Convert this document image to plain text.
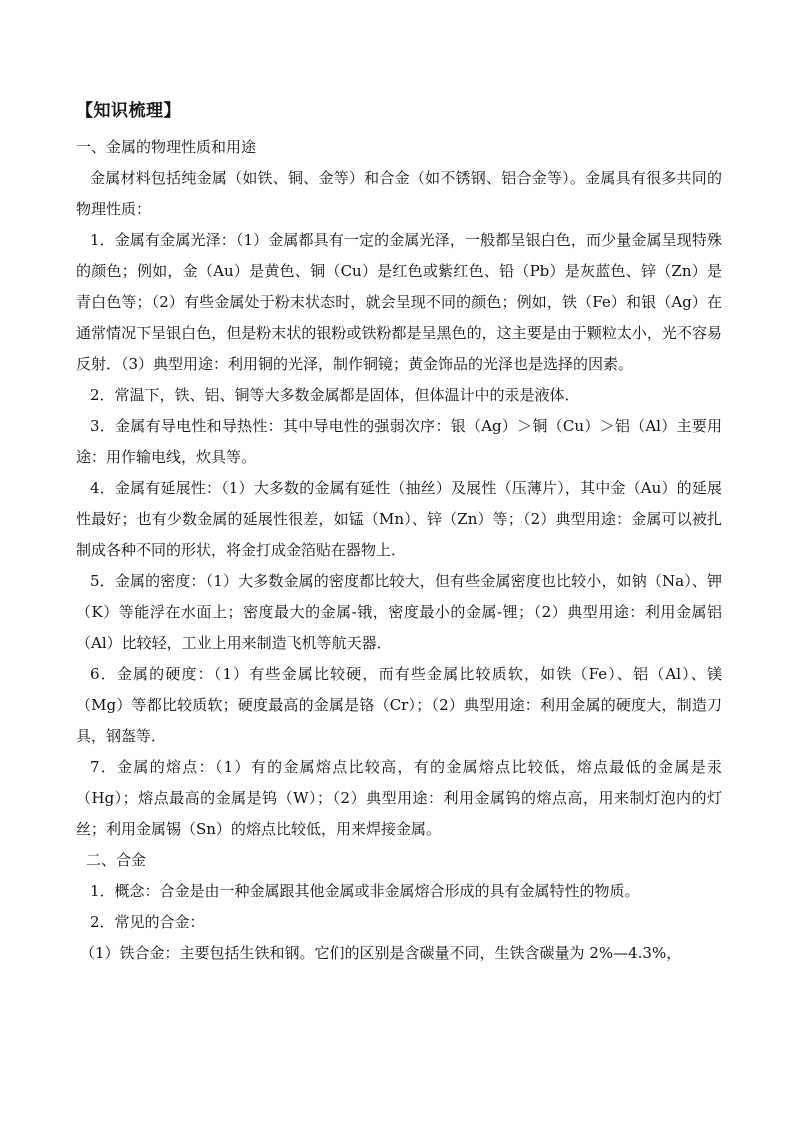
【知识梳理】
一、金属的物理性质和用途

金属材料包括纯金属（如铁、铜、金等）和合金（如不锈钢、铝合金等）。金属具有很多共同的物理性质：

1．金属有金属光泽：（1）金属都具有一定的金属光泽，一般都呈银白色，而少量金属呈现特殊的颜色；例如，金（Au）是黄色、铜（Cu）是红色或紫红色、铅（Pb）是灰蓝色、锌（Zn）是青白色等；（2）有些金属处于粉末状态时，就会呈现不同的颜色；例如，铁（Fe）和银（Ag）在通常情况下呈银白色，但是粉末状的银粉或铁粉都是呈黑色的，这主要是由于颗粒太小，光不容易反射．（3）典型用途：利用铜的光泽，制作铜镜；黄金饰品的光泽也是选择的因素。

2．常温下，铁、铝、铜等大多数金属都是固体，但体温计中的汞是液体．

3．金属有导电性和导热性：其中导电性的强弱次序：银（Ag）＞铜（Cu）＞铝（Al）主要用途：用作输电线，炊具等。

4．金属有延展性：（1）大多数的金属有延性（抽丝）及展性（压薄片），其中金（Au）的延展性最好；也有少数金属的延展性很差，如锰（Mn）、锌（Zn）等；（2）典型用途：金属可以被扎制成各种不同的形状，将金打成金箔贴在器物上．

5．金属的密度：（1）大多数金属的密度都比较大，但有些金属密度也比较小，如钠（Na）、钾（K）等能浮在水面上；密度最大的金属-锇，密度最小的金属-锂；（2）典型用途：利用金属铝（Al）比较轻，工业上用来制造飞机等航天器．

6．金属的硬度：（1）有些金属比较硬，而有些金属比较质软，如铁（Fe）、铝（Al）、镁（Mg）等都比较质软；硬度最高的金属是铬（Cr）；（2）典型用途：利用金属的硬度大，制造刀具，钢盔等．

7．金属的熔点：（1）有的金属熔点比较高，有的金属熔点比较低，熔点最低的金属是汞（Hg）；熔点最高的金属是钨（W）；（2）典型用途：利用金属钨的熔点高，用来制灯泡内的灯丝；利用金属锡（Sn）的熔点比较低，用来焊接金属。

二、合金

1．概念：合金是由一种金属跟其他金属或非金属熔合形成的具有金属特性的物质。

2．常见的合金：

（1）铁合金：主要包括生铁和钢。它们的区别是含碳量不同，生铁含碳量为 2%—4.3%，
